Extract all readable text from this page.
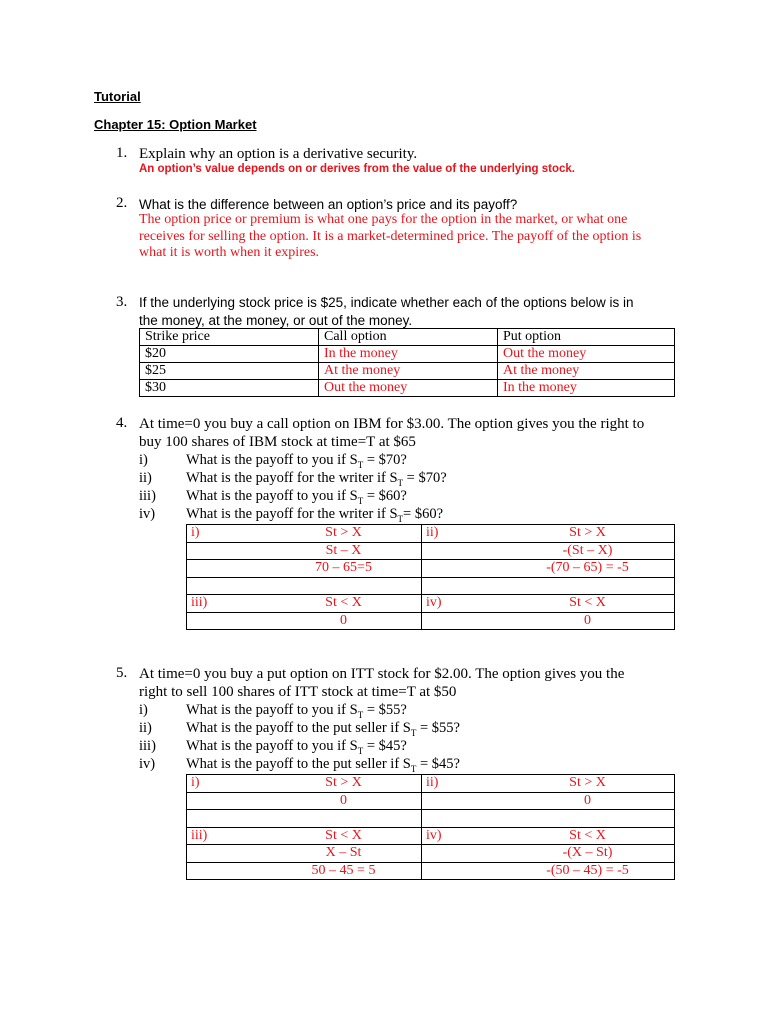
Tutorial
Chapter 15: Option Market
1. Explain why an option is a derivative security.
An option’s value depends on or derives from the value of the underlying stock.
2. What is the difference between an option’s price and its payoff?
The option price or premium is what one pays for the option in the market, or what one
receives for selling the option. It is a market-determined price. The payoff of the option is
what it is worth when it expires.
3. If the underlying stock price is $25, indicate whether each of the options below is in
the money, at the money, or out of the money.
Strike price	Call option	Put option
$20	In the money	Out the money
$25	At the money	At the money
$30	Out the money	In the money
4. At time=0 you buy a call option on IBM for $3.00. The option gives you the right to
buy 100 shares of IBM stock at time=T at $65
i)	What is the payoff to you if $S_T$ = $70?
ii) What is the payoff for the writer if $S_T$ = $70?
iii) What is the payoff to you if $S_T$ = $60?
iv) What is the payoff for the writer if $S_T=$ $60?
i)	St > X	ii)	St > X
	St – X		-(St – X)
	70 – 65=5		-(70 – 65) = -5

iii)	St < X	iv)	St < X
	0		0
5. At time=0 you buy a put option on ITT stock for $2.00. The option gives you the
right to sell 100 shares of ITT stock at time=T at $50
i)	What is the payoff to you if $S_T$ = $55?
ii) What is the payoff to the put seller if $S_T$ = $55?
iii) What is the payoff to you if $S_T$ = $45?
iv) What is the payoff to the put seller if $S_T$ = $45?
i)	St > X	ii)	St > X
	0		0

iii)	St < X	iv)	St < X
	X – St		-(X – St)
	50 – 45 = 5		-(50 – 45) = -5
